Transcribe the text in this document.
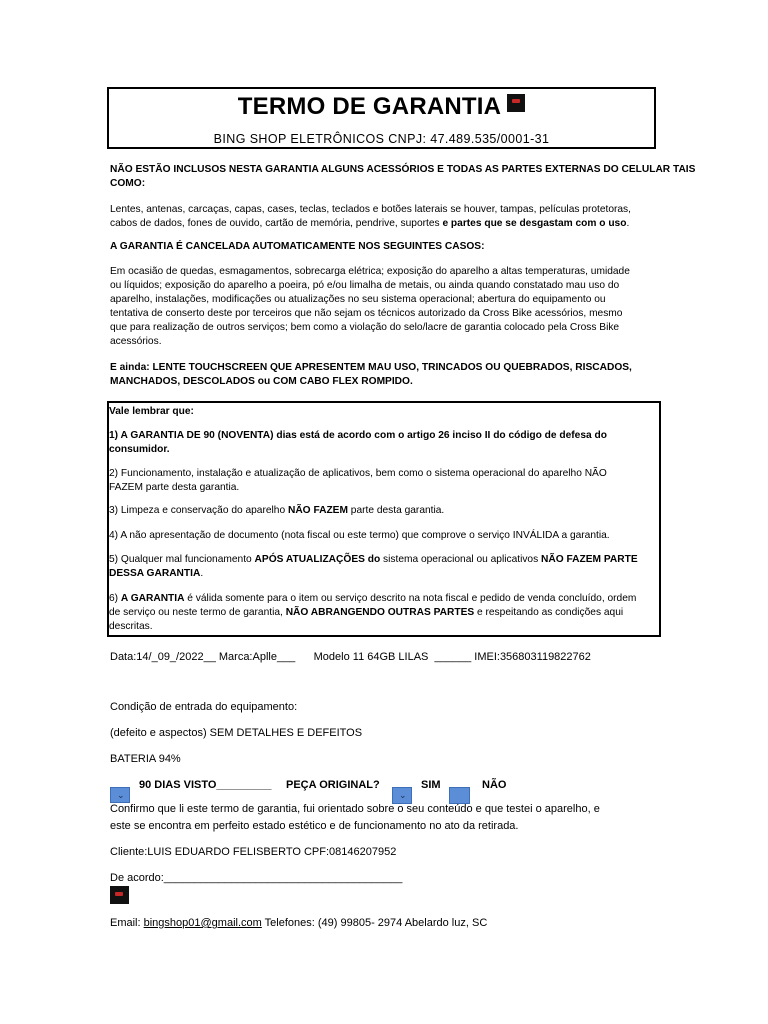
TERMO DE GARANTIA
BING SHOP ELETRÔNICOS CNPJ: 47.489.535/0001-31
NÃO ESTÃO INCLUSOS NESTA GARANTIA ALGUNS ACESSÓRIOS E TODAS AS PARTES EXTERNAS DO CELULAR TAIS
COMO:
Lentes, antenas, carcaças, capas, cases, teclas, teclados e botões laterais se houver, tampas, películas protetoras,
cabos de dados, fones de ouvido, cartão de memória, pendrive, suportes e partes que se desgastam com o uso.
A GARANTIA É CANCELADA AUTOMATICAMENTE NOS SEGUINTES CASOS:
Em ocasião de quedas, esmagamentos, sobrecarga elétrica; exposição do aparelho a altas temperaturas, umidade
ou líquidos; exposição do aparelho a poeira, pó e/ou limalha de metais, ou ainda quando constatado mau uso do
aparelho, instalações, modificações ou atualizações no seu sistema operacional; abertura do equipamento ou
tentativa de conserto deste por terceiros que não sejam os técnicos autorizado da Cross Bike acessórios, mesmo
que para realização de outros serviços; bem como a violação do selo/lacre de garantia colocado pela Cross Bike
acessórios.
E ainda: LENTE TOUCHSCREEN QUE APRESENTEM MAU USO, TRINCADOS OU QUEBRADOS, RISCADOS,
MANCHADOS, DESCOLADOS ou COM CABO FLEX ROMPIDO.
Vale lembrar que:
1) A GARANTIA DE 90 (NOVENTA) dias está de acordo com o artigo 26 inciso II do código de defesa do
consumidor.
2) Funcionamento, instalação e atualização de aplicativos, bem como o sistema operacional do aparelho NÃO
FAZEM parte desta garantia.
3) Limpeza e conservação do aparelho NÃO FAZEM parte desta garantia.
4) A não apresentação de documento (nota fiscal ou este termo) que comprove o serviço INVÁLIDA a garantia.
5) Qualquer mal funcionamento APÓS ATUALIZAÇÕES do sistema operacional ou aplicativos NÃO FAZEM PARTE
DESSA GARANTIA.
6) A GARANTIA é válida somente para o item ou serviço descrito na nota fiscal e pedido de venda concluído, ordem
de serviço ou neste termo de garantia, NÃO ABRANGENDO OUTRAS PARTES e respeitando as condições aqui
descritas.
Data:14/_09_/2022__ Marca:Aplle___      Modelo 11 64GB LILAS  ______ IMEI:356803119822762
Condição de entrada do equipamento:
(defeito e aspectos) SEM DETALHES E DEFEITOS
BATERIA 94%
90 DIAS VISTO_________ PEÇA ORIGINAL?	SIM	NÃO
⌄	⌄
Confirmo que li este termo de garantia, fui orientado sobre o seu conteúdo e que testei o aparelho, e
este se encontra em perfeito estado estético e de funcionamento no ato da retirada.
Cliente:LUIS EDUARDO FELISBERTO CPF:08146207952
De acordo:_______________________________________
Email: bingshop01@gmail.com Telefones: (49) 99805- 2974 Abelardo luz, SC
